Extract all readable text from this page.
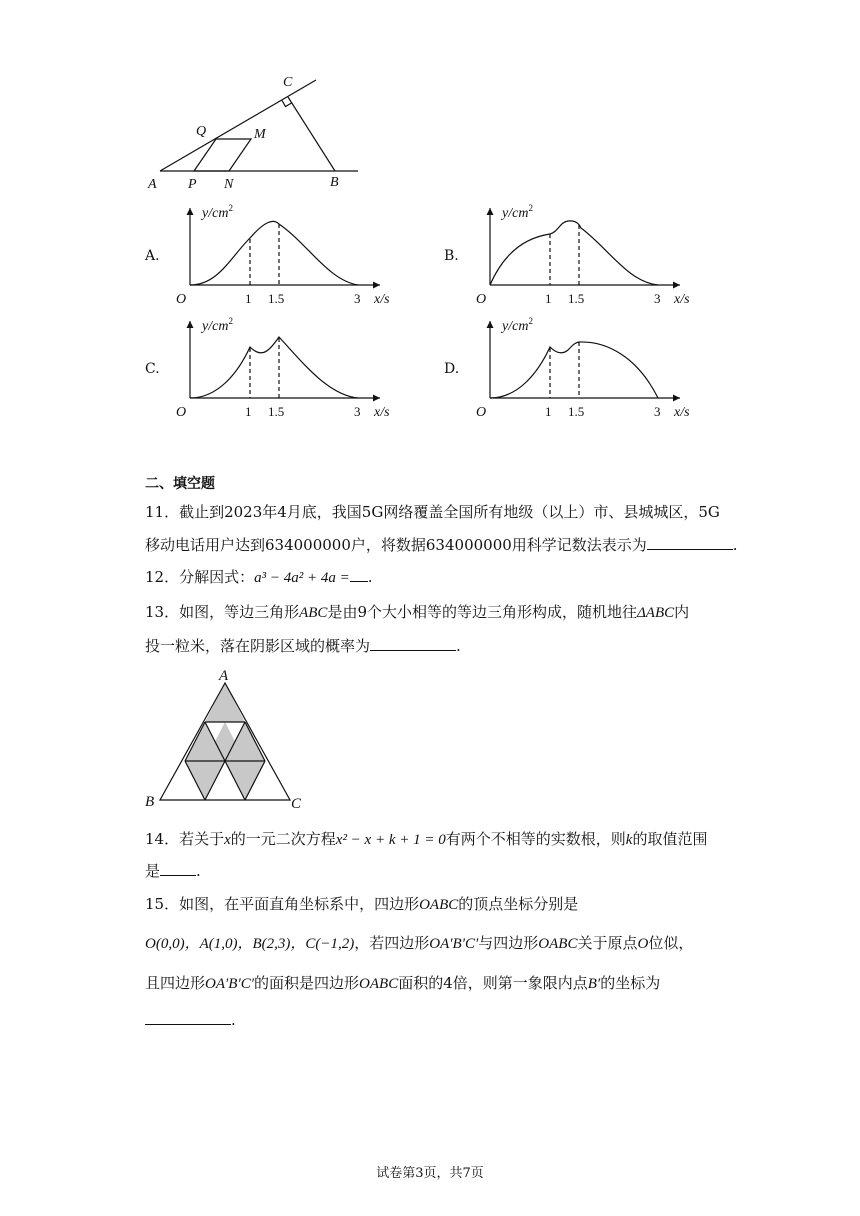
A P N	B
C
Q	M
A.	B.
C.	D.
$y/cm^2$
O	1 1.5	3 x/s
$y/cm^2$
O	1 1.5	3 x/s
$y/cm^2$
O	1 1.5	3 x/s
$y/cm^2$
O	1 1.5	3 x/s
二、填空题
11．截止到2023年4月底，我国5G网络覆盖全国所有地级（以上）市、县城城区，5G
移动电话用户达到634000000户，将数据634000000用科学记数法表示为	.
12．分解因式：a³ − 4a² + 4a = .
13．如图，等边三角形ABC是由9个大小相等的等边三角形构成，随机地往ΔABC内
投一粒米，落在阴影区域的概率为	.
A
B	C
14．若关于x的一元二次方程x² − x + k + 1 = 0有两个不相等的实数根，则k的取值范围
是 .
15．如图，在平面直角坐标系中，四边形OABC的顶点坐标分别是
O(0,0)，A(1,0)，B(2,3)，C(−1,2)，若四边形OA′B′C′与四边形OABC关于原点O位似，
且四边形OA′B′C′的面积是四边形OABC面积的4倍，则第一象限内点B′的坐标为
.
试卷第3页，共7页
